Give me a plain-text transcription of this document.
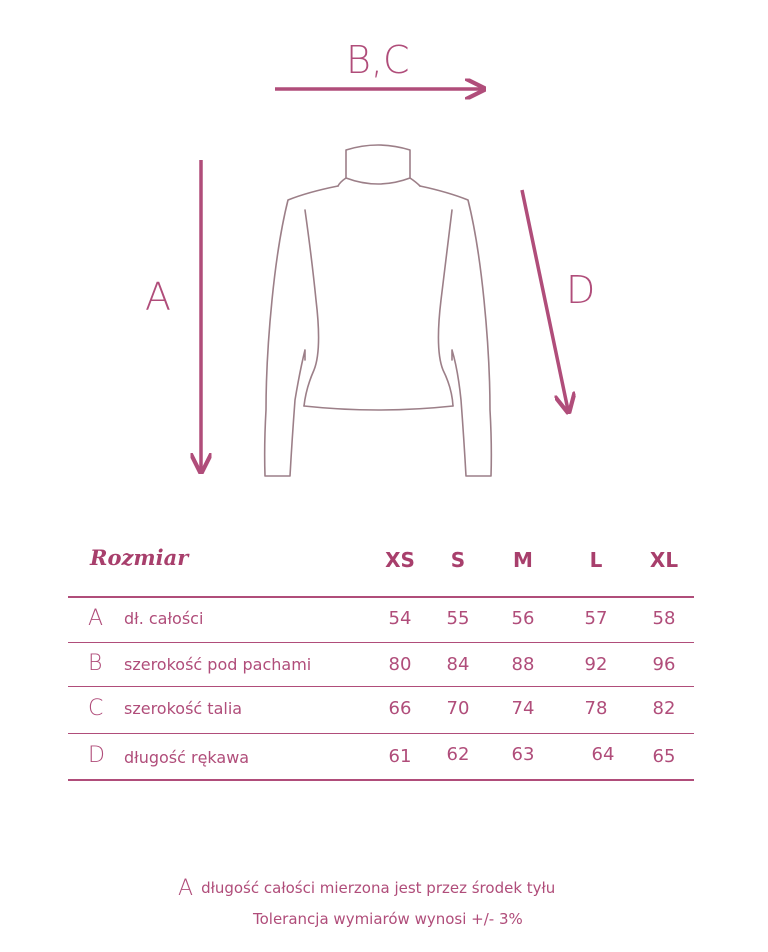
B,C
A	D
Rozmiar	XS	S	M	L	XL
A dł. całości	54	55	56	57	58
B szerokość pod pachami	80	84	88	92	96
C szerokość talia	66	70	74	78	82
D długość rękawa	61	62	63	64	65
A długość całości mierzona jest przez środek tyłu
Tolerancja wymiarów wynosi +/- 3%
